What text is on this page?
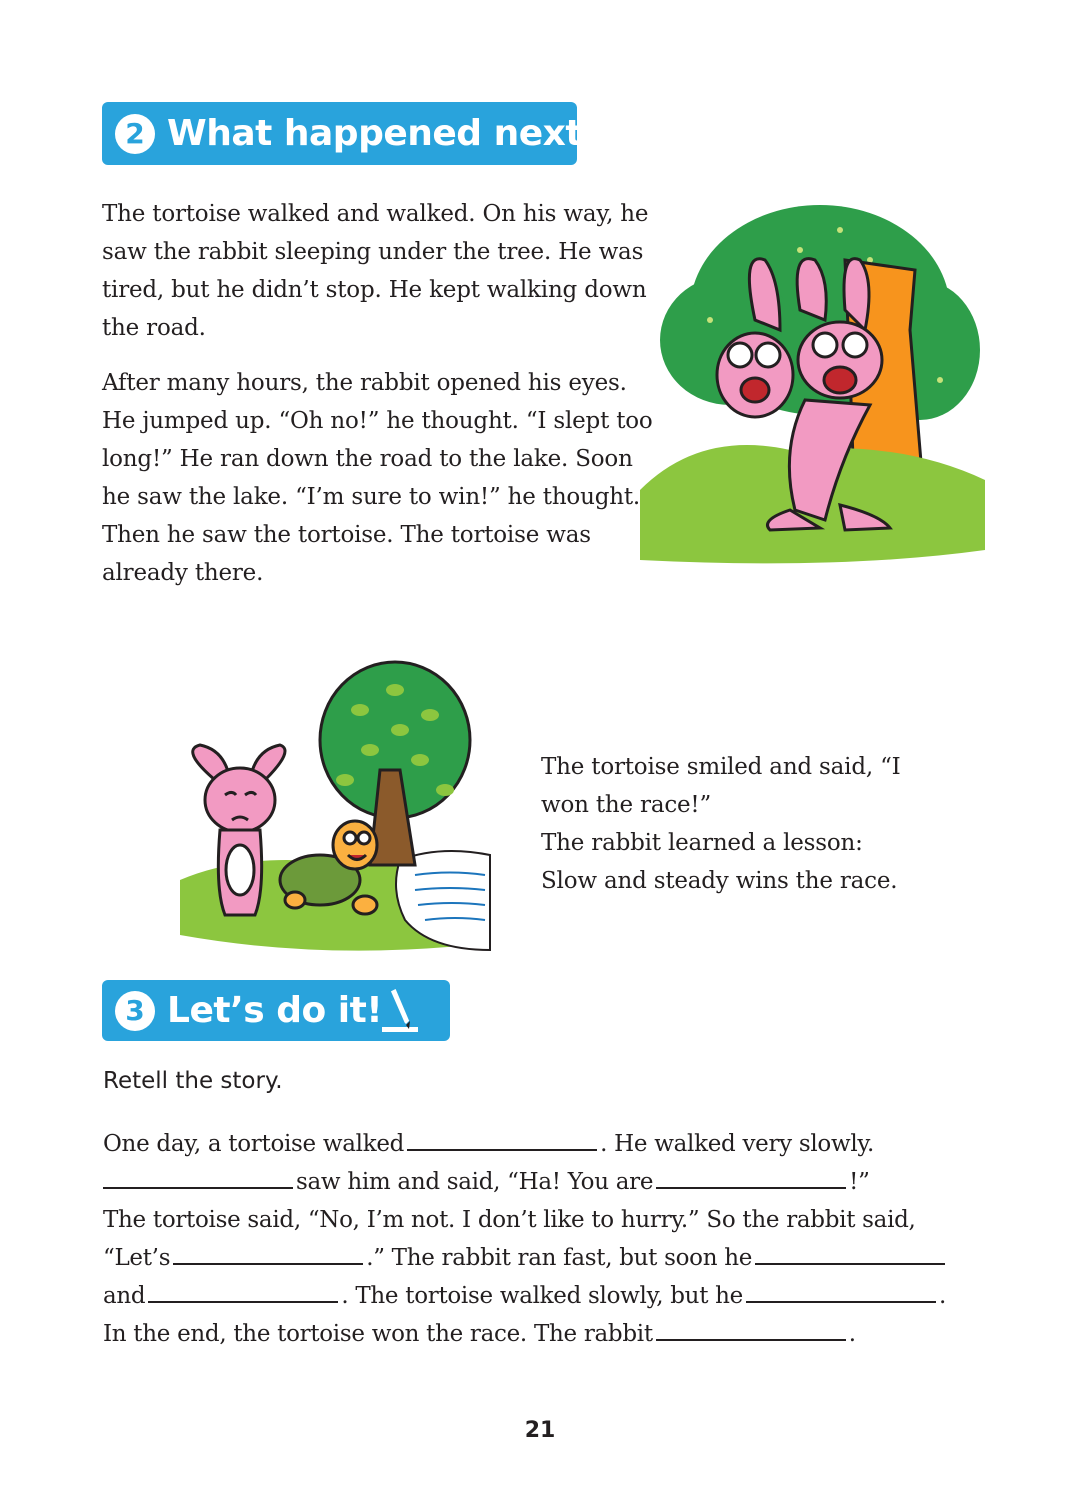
2 What happened next?

The tortoise walked and walked. On his way, he saw the rabbit sleeping under the tree. He was tired, but he didn’t stop. He kept walking down the road.

After many hours, the rabbit opened his eyes. He jumped up. “Oh no!” he thought. “I slept too long!” He ran down the road to the lake. Soon he saw the lake. “I’m sure to win!” he thought. Then he saw the tortoise. The tortoise was already there.

The tortoise smiled and said, “I
won the race!”
The rabbit learned a lesson:
Slow and steady wins the race.
3 Let’s do it!

Retell the story.

One day, a tortoise walked	. He walked very slowly.
saw him and said, “Ha! You are	!”
The tortoise said, “No, I’m not. I don’t like to hurry.” So the rabbit said,
“Let’s	.” The rabbit ran fast, but soon he
and	. The tortoise walked slowly, but he	.
In the end, the tortoise won the race. The rabbit	.
21
